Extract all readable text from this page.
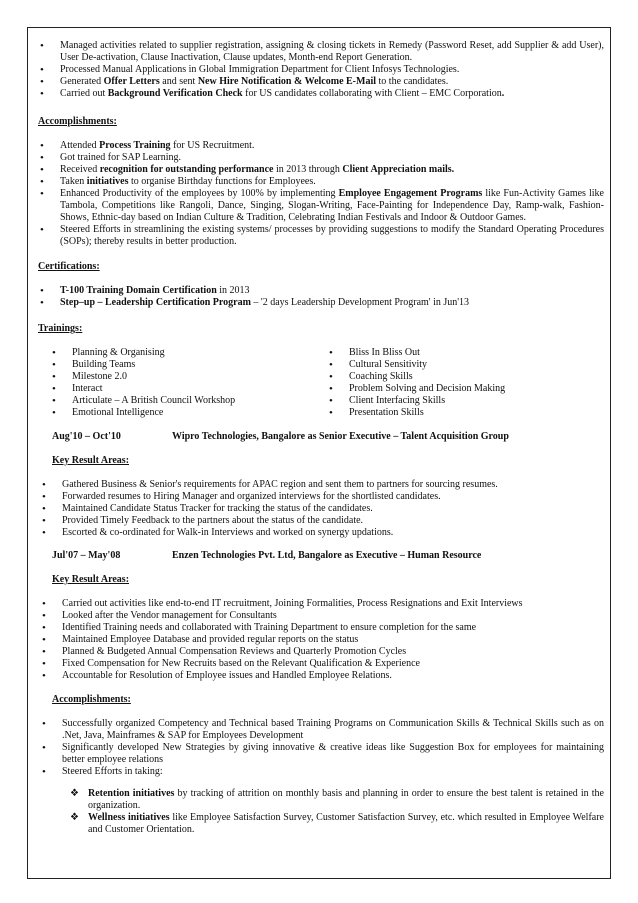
• Managed activities related to supplier registration, assigning & closing tickets in Remedy (Password Reset, add Supplier & add User), User De-activation, Clause Inactivation, Clause updates, Month-end Report Generation.
• Processed Manual Applications in Global Immigration Department for Client Infosys Technologies.
• Generated Offer Letters and sent New Hire Notification & Welcome E-Mail to the candidates.
• Carried out Background Verification Check for US candidates collaborating with Client – EMC Corporation.
Accomplishments:
• Attended Process Training for US Recruitment.
• Got trained for SAP Learning.
• Received recognition for outstanding performance in 2013 through Client Appreciation mails.
• Taken initiatives to organise Birthday functions for Employees.
• Enhanced Productivity of the employees by 100% by implementing Employee Engagement Programs like Fun-Activity Games like Tambola, Competitions like Rangoli, Dance, Singing, Slogan-Writing, Face-Painting for Independence Day, Ramp-walk, Fashion-Shows, Ethnic-day based on Indian Culture & Tradition, Celebrating Indian Festivals and Indoor & Outdoor Games.
• Steered Efforts in streamlining the existing systems/ processes by providing suggestions to modify the Standard Operating Procedures (SOPs); thereby results in better production.
Certifications:
• T-100 Training Domain Certification in 2013
• Step–up – Leadership Certification Program – '2 days Leadership Development Program' in Jun'13
Trainings:
• Planning & Organising
• Building Teams
• Milestone 2.0
• Interact
• Articulate – A British Council Workshop
• Emotional Intelligence
• Bliss In Bliss Out
• Cultural Sensitivity
• Coaching Skills
• Problem Solving and Decision Making
• Client Interfacing Skills
• Presentation Skills
Aug'10 – Oct'10	Wipro Technologies, Bangalore as Senior Executive – Talent Acquisition Group
Key Result Areas:
• Gathered Business & Senior's requirements for APAC region and sent them to partners for sourcing resumes.
• Forwarded resumes to Hiring Manager and organized interviews for the shortlisted candidates.
• Maintained Candidate Status Tracker for tracking the status of the candidates.
• Provided Timely Feedback to the partners about the status of the candidate.
• Escorted & co-ordinated for Walk-in Interviews and worked on synergy updations.
Jul'07 – May'08	Enzen Technologies Pvt. Ltd, Bangalore as Executive – Human Resource
Key Result Areas:
• Carried out activities like end-to-end IT recruitment, Joining Formalities, Process Resignations and Exit Interviews
• Looked after the Vendor management for Consultants
• Identified Training needs and collaborated with Training Department to ensure completion for the same
• Maintained Employee Database and provided regular reports on the status
• Planned & Budgeted Annual Compensation Reviews and Quarterly Promotion Cycles
• Fixed Compensation for New Recruits based on the Relevant Qualification & Experience
• Accountable for Resolution of Employee issues and Handled Employee Relations.
Accomplishments:
• Successfully organized Competency and Technical based Training Programs on Communication Skills & Technical Skills such as on .Net, Java, Mainframes & SAP for Employees Development
• Significantly developed New Strategies by giving innovative & creative ideas like Suggestion Box for employees for maintaining better employee relations
• Steered Efforts in taking:
❖ Retention initiatives by tracking of attrition on monthly basis and planning in order to ensure the best talent is retained in the organization.
❖ Wellness initiatives like Employee Satisfaction Survey, Customer Satisfaction Survey, etc. which resulted in Employee Welfare and Customer Orientation.
